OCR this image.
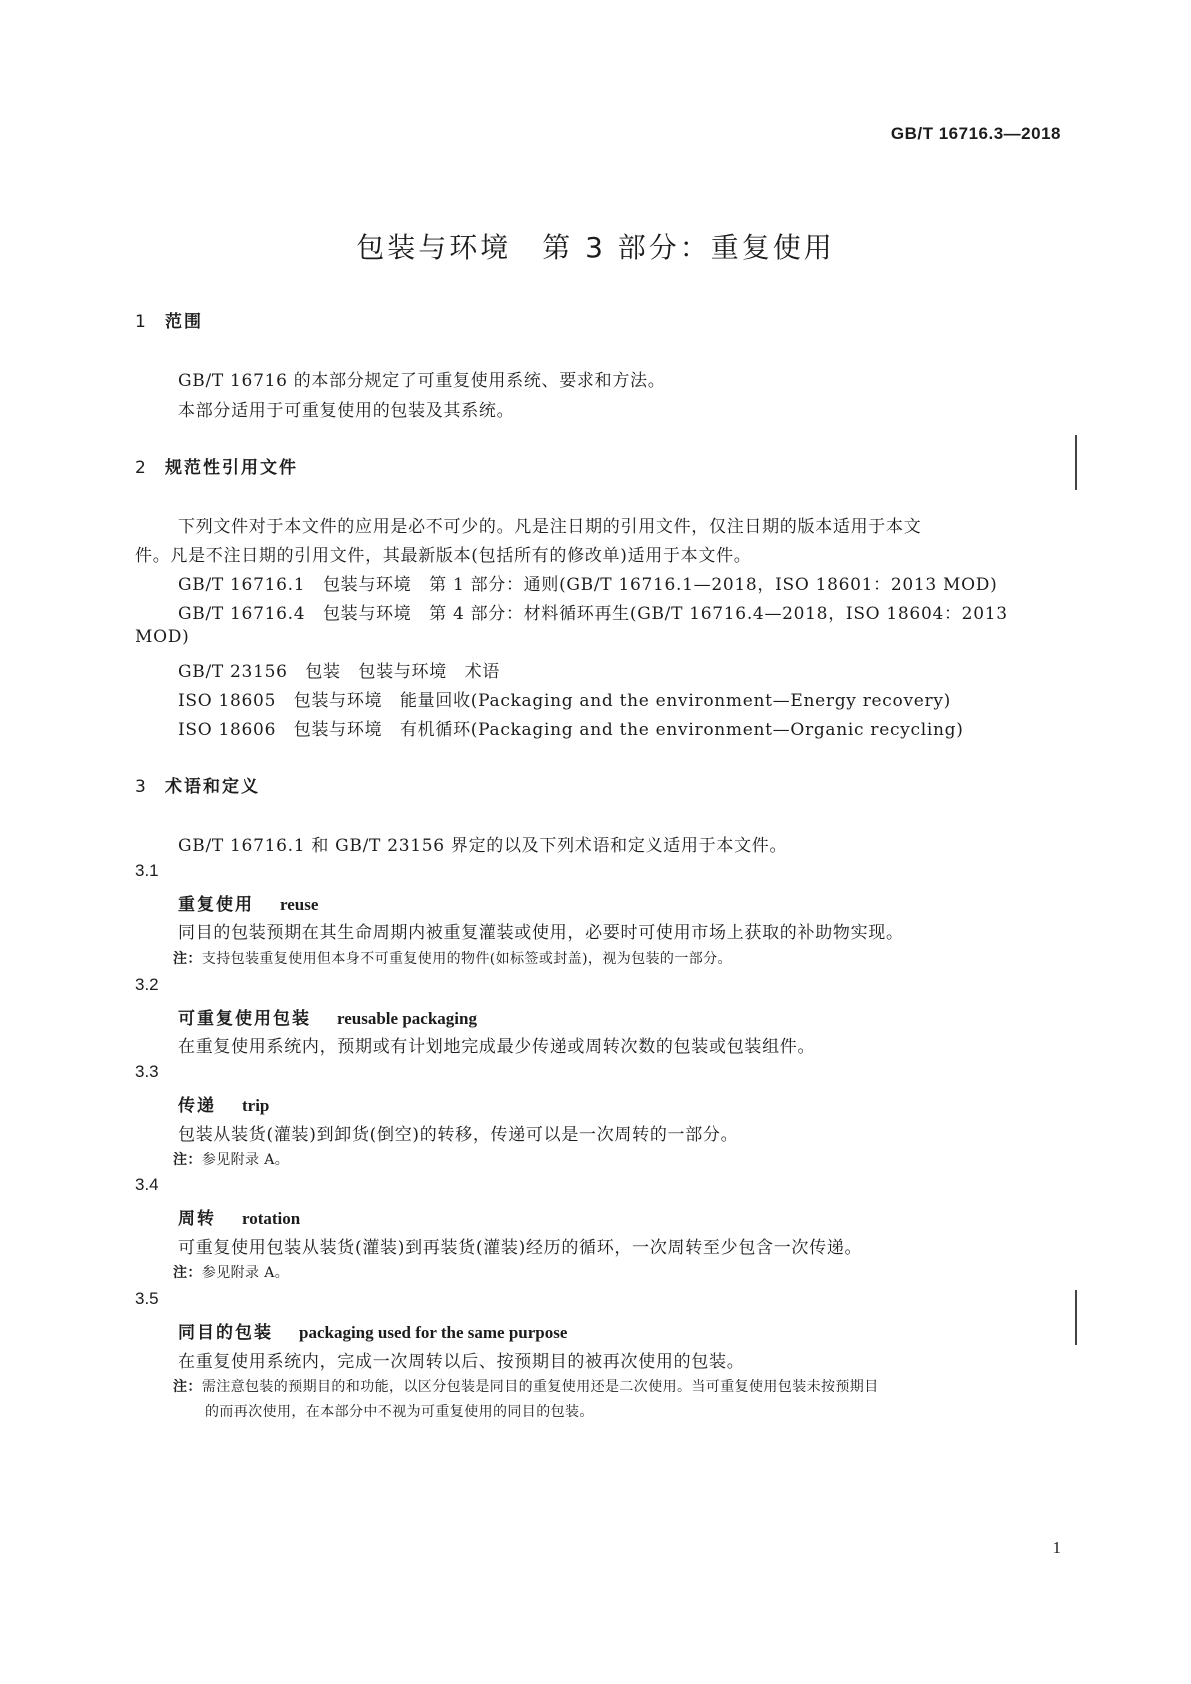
GB/T 16716.3—2018
包装与环境　第 3 部分：重复使用
1 范围
GB/T 16716 的本部分规定了可重复使用系统、要求和方法。
本部分适用于可重复使用的包装及其系统。
2 规范性引用文件
下列文件对于本文件的应用是必不可少的。凡是注日期的引用文件，仅注日期的版本适用于本文
件。凡是不注日期的引用文件，其最新版本(包括所有的修改单)适用于本文件。
GB/T 16716.1　包装与环境　第 1 部分：通则(GB/T 16716.1—2018，ISO 18601：2013 MOD)
GB/T 16716.4　包装与环境　第 4 部分：材料循环再生(GB/T 16716.4—2018，ISO 18604：2013
MOD)
GB/T 23156　包装　包装与环境　术语
ISO 18605　包装与环境　能量回收(Packaging and the environment—Energy recovery)
ISO 18606　包装与环境　有机循环(Packaging and the environment—Organic recycling)
3 术语和定义
GB/T 16716.1 和 GB/T 23156 界定的以及下列术语和定义适用于本文件。
3.1
重复使用 reuse
同目的包装预期在其生命周期内被重复灌装或使用，必要时可使用市场上获取的补助物实现。
注：支持包装重复使用但本身不可重复使用的物件(如标签或封盖)，视为包装的一部分。
3.2
可重复使用包装 reusable packaging
在重复使用系统内，预期或有计划地完成最少传递或周转次数的包装或包装组件。
3.3
传递 trip
包装从装货(灌装)到卸货(倒空)的转移，传递可以是一次周转的一部分。
注：参见附录 A。
3.4
周转 rotation
可重复使用包装从装货(灌装)到再装货(灌装)经历的循环，一次周转至少包含一次传递。
注：参见附录 A。
3.5
同目的包装 packaging used for the same purpose
在重复使用系统内，完成一次周转以后、按预期目的被再次使用的包装。
注：需注意包装的预期目的和功能，以区分包装是同目的重复使用还是二次使用。当可重复使用包装未按预期目
的而再次使用，在本部分中不视为可重复使用的同目的包装。
1
